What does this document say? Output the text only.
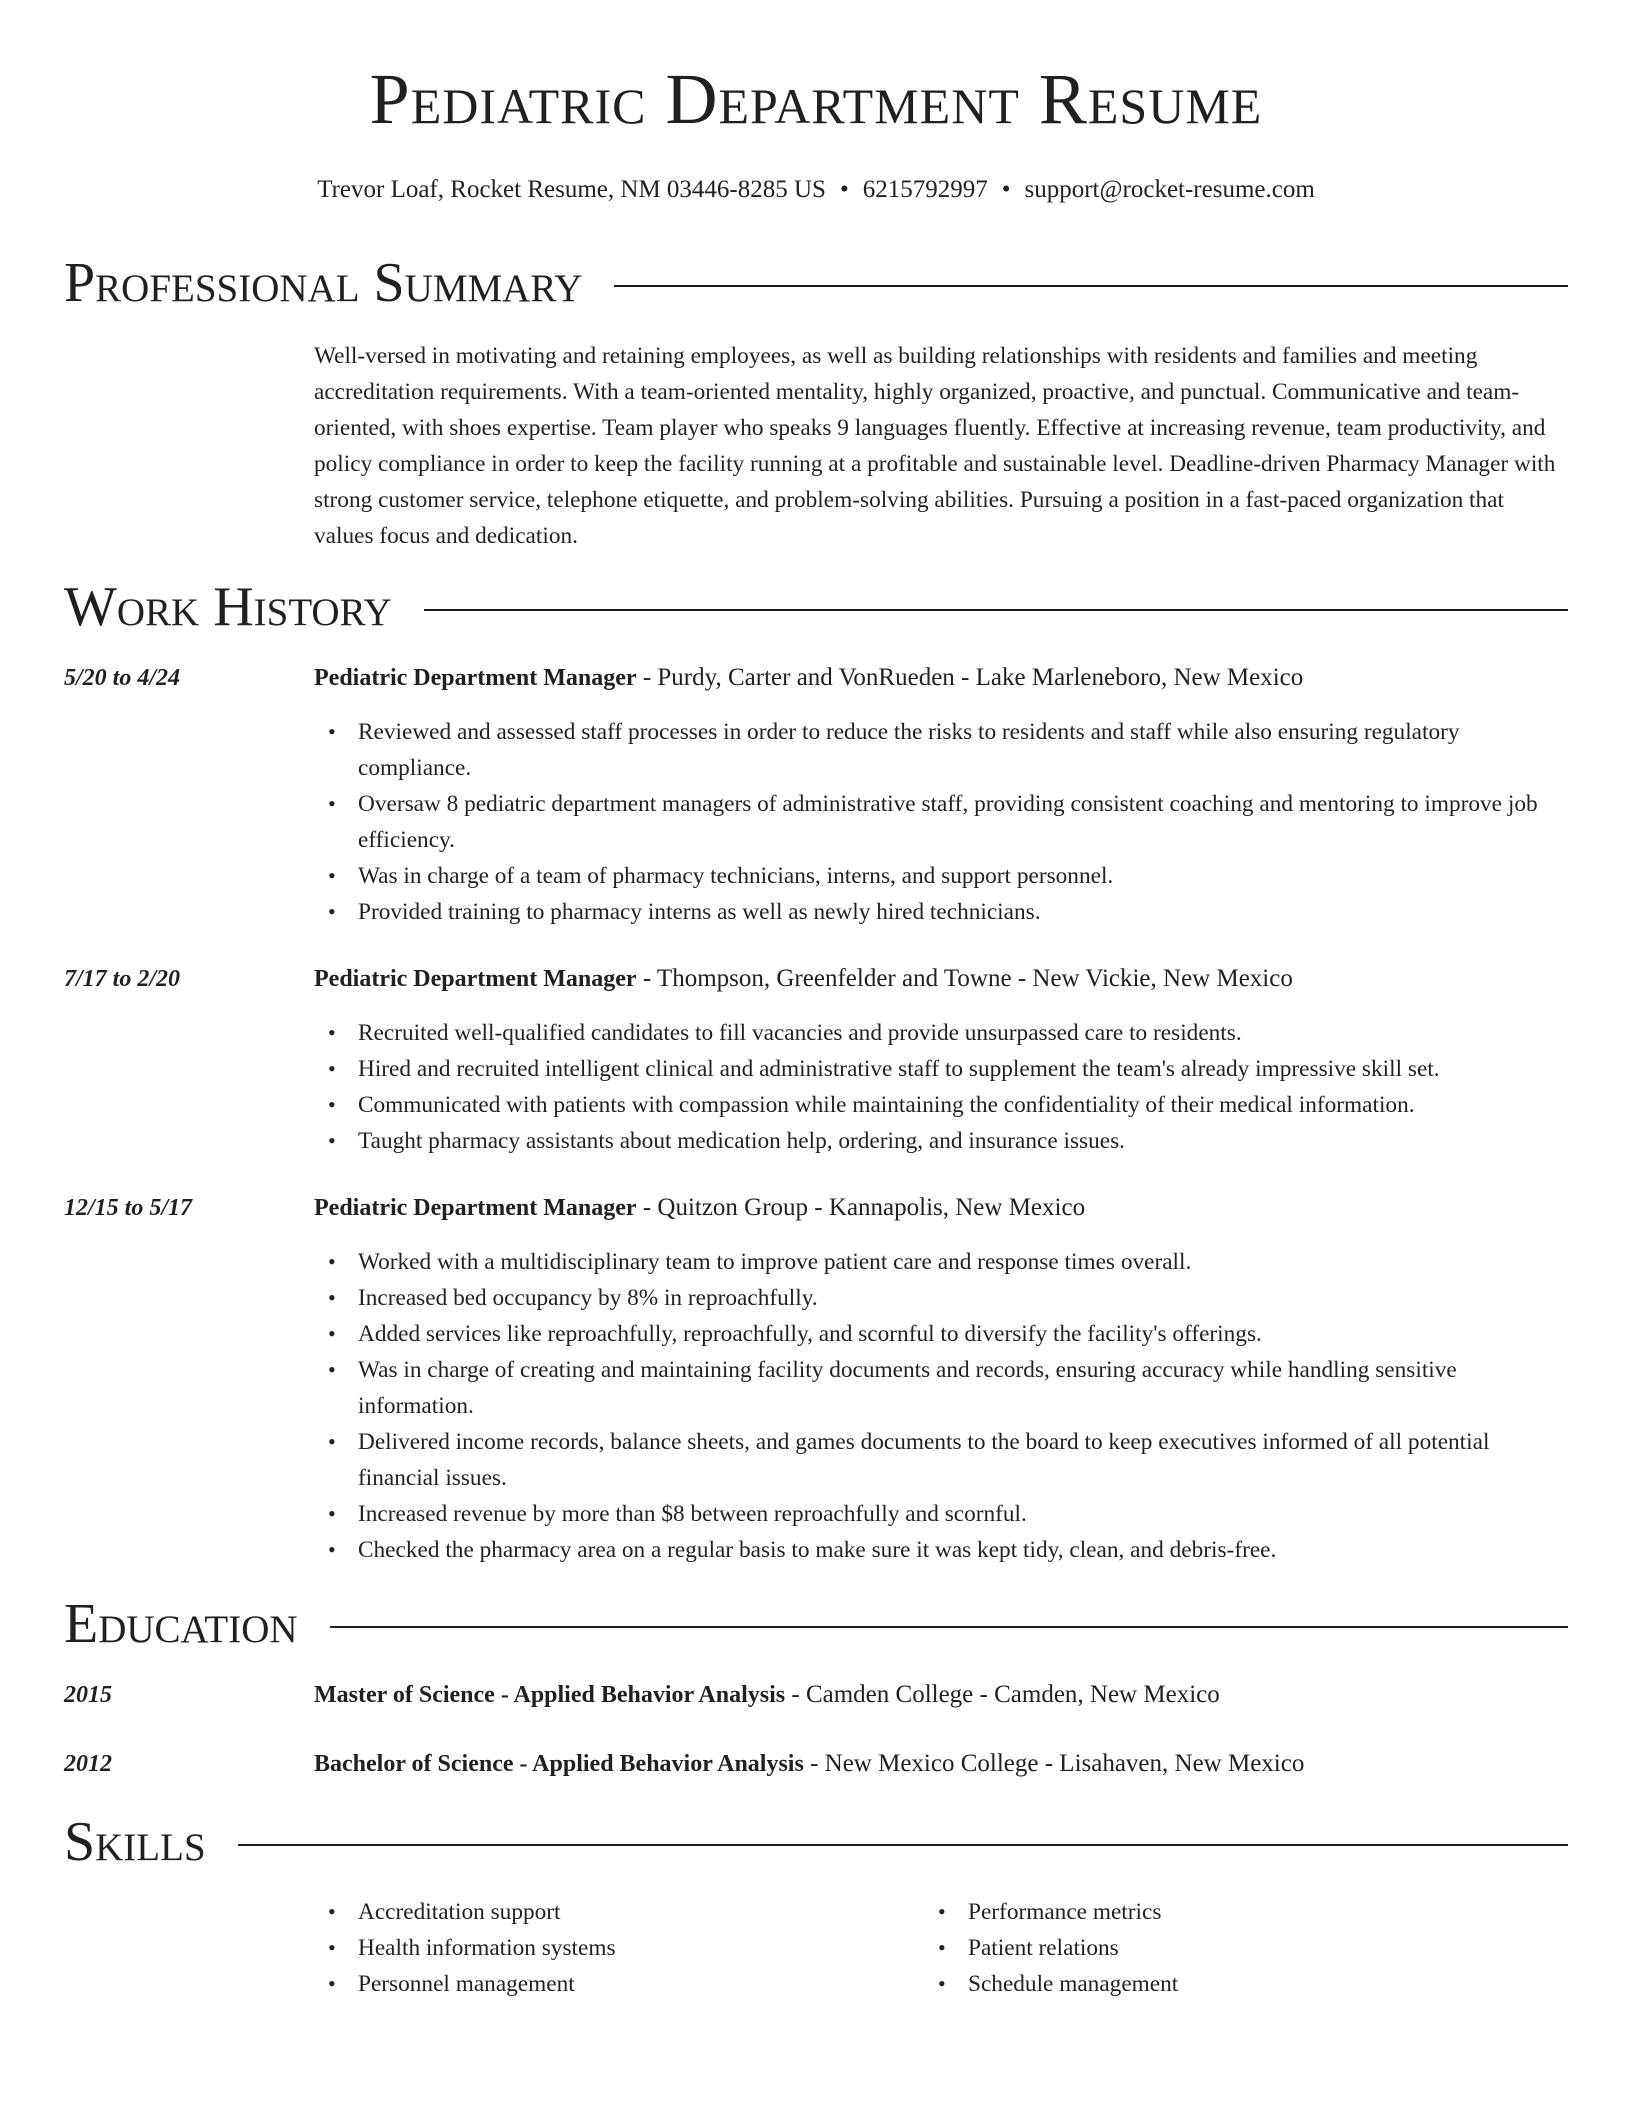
Pediatric Department Resume
Trevor Loaf, Rocket Resume, NM 03446-8285 US • 6215792997 • support@rocket-resume.com
Professional Summary

Well-versed in motivating and retaining employees, as well as building relationships with residents and families and meeting accreditation requirements. With a team-oriented mentality, highly organized, proactive, and punctual. Communicative and team-oriented, with shoes expertise. Team player who speaks 9 languages fluently. Effective at increasing revenue, team productivity, and policy compliance in order to keep the facility running at a profitable and sustainable level. Deadline-driven Pharmacy Manager with strong customer service, telephone etiquette, and problem-solving abilities. Pursuing a position in a fast-paced organization that values focus and dedication.

Work History
5/20 to 4/24	Pediatric Department Manager - Purdy, Carter and VonRueden - Lake Marleneboro, New Mexico
• Reviewed and assessed staff processes in order to reduce the risks to residents and staff while also ensuring regulatory compliance.
• Oversaw 8 pediatric department managers of administrative staff, providing consistent coaching and mentoring to improve job efficiency.
• Was in charge of a team of pharmacy technicians, interns, and support personnel.
• Provided training to pharmacy interns as well as newly hired technicians.
7/17 to 2/20	Pediatric Department Manager - Thompson, Greenfelder and Towne - New Vickie, New Mexico
• Recruited well-qualified candidates to fill vacancies and provide unsurpassed care to residents.
• Hired and recruited intelligent clinical and administrative staff to supplement the team's already impressive skill set.
• Communicated with patients with compassion while maintaining the confidentiality of their medical information.
• Taught pharmacy assistants about medication help, ordering, and insurance issues.
12/15 to 5/17	Pediatric Department Manager - Quitzon Group - Kannapolis, New Mexico
• Worked with a multidisciplinary team to improve patient care and response times overall.
• Increased bed occupancy by 8% in reproachfully.
• Added services like reproachfully, reproachfully, and scornful to diversify the facility's offerings.
• Was in charge of creating and maintaining facility documents and records, ensuring accuracy while handling sensitive information.
• Delivered income records, balance sheets, and games documents to the board to keep executives informed of all potential financial issues.
• Increased revenue by more than $8 between reproachfully and scornful.
• Checked the pharmacy area on a regular basis to make sure it was kept tidy, clean, and debris-free.
Education
2015	Master of Science - Applied Behavior Analysis - Camden College - Camden, New Mexico
2012	Bachelor of Science - Applied Behavior Analysis - New Mexico College - Lisahaven, New Mexico
Skills
• Accreditation support
• Health information systems
• Personnel management
• Performance metrics
• Patient relations
• Schedule management
